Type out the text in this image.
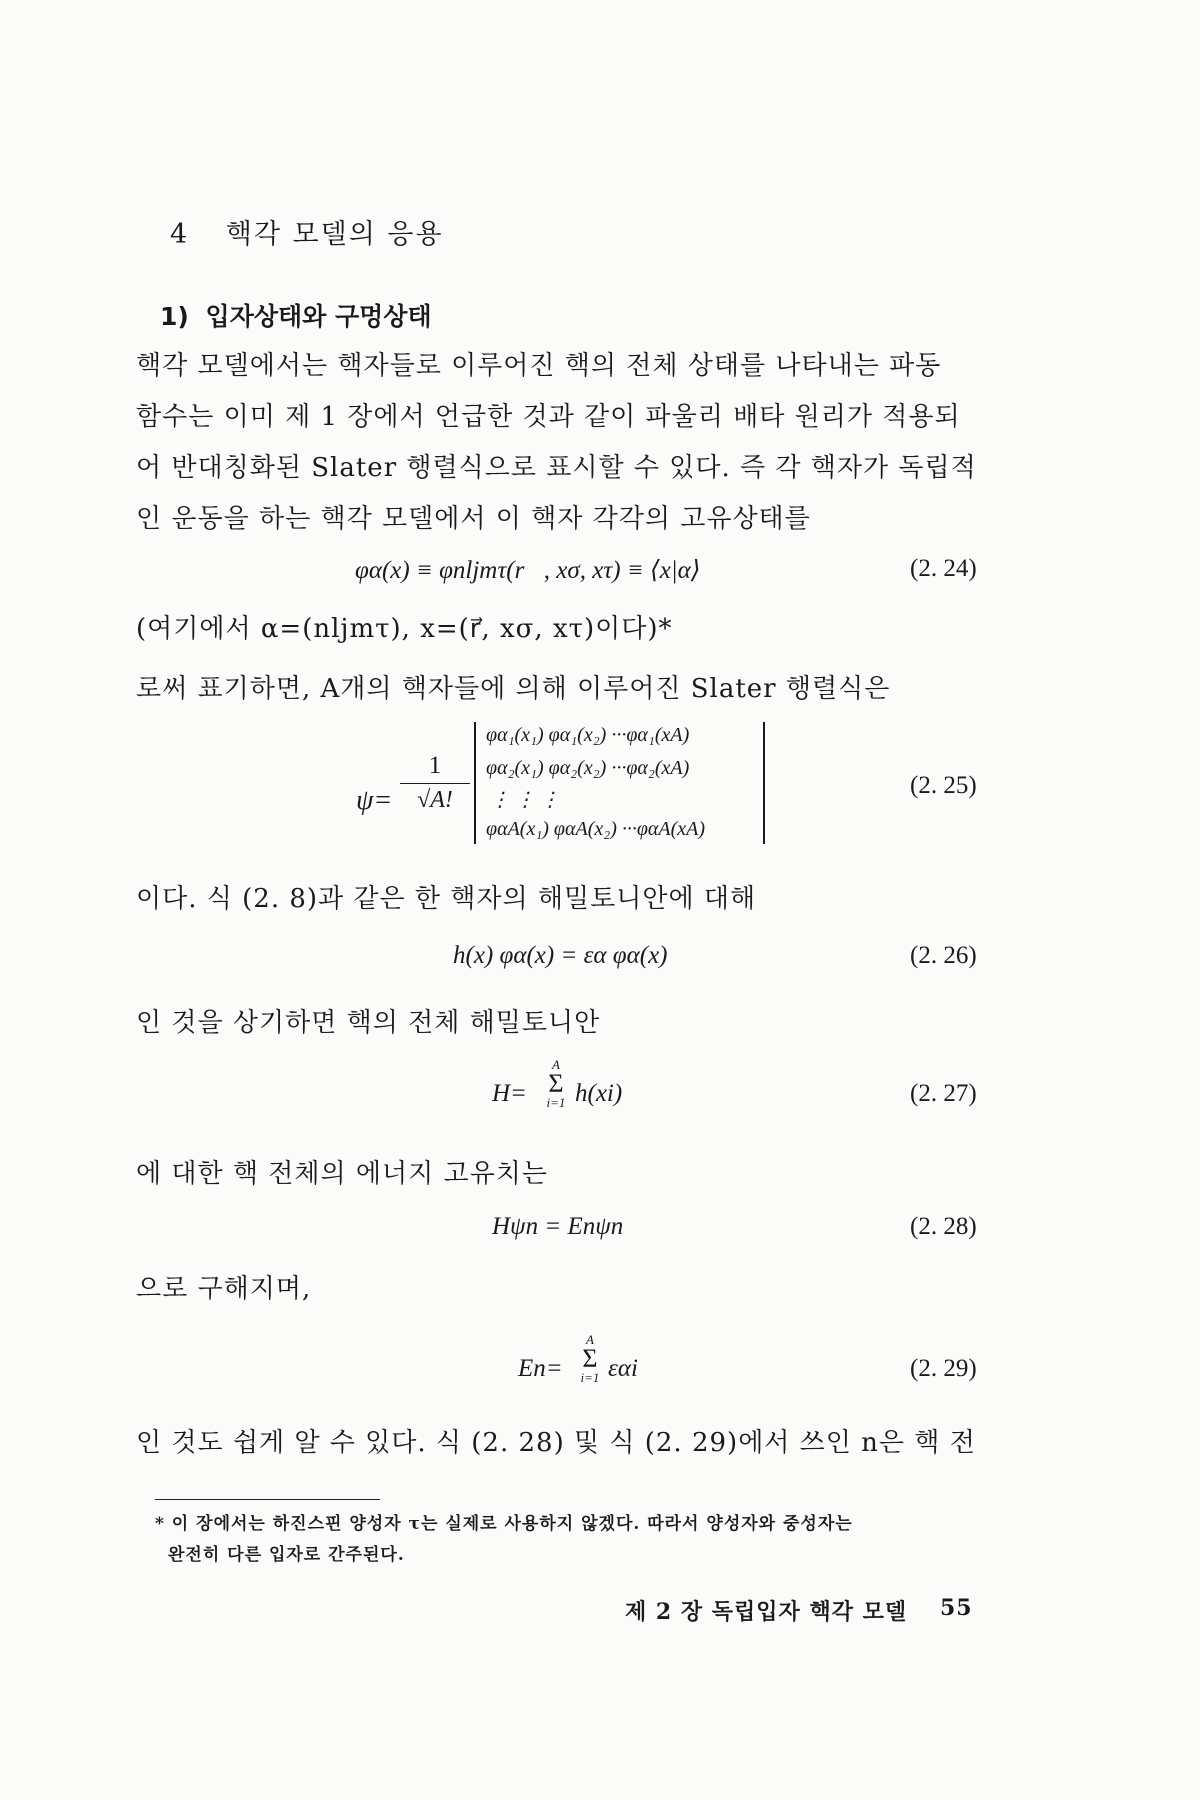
4 핵각 모델의 응용
1) 입자상태와 구멍상태
핵각 모델에서는 핵자들로 이루어진 핵의 전체 상태를 나타내는 파동
함수는 이미 제 1 장에서 언급한 것과 같이 파울리 배타 원리가 적용되
어 반대칭화된 Slater 행렬식으로 표시할 수 있다. 즉 각 핵자가 독립적
인 운동을 하는 핵각 모델에서 이 핵자 각각의 고유상태를
φα(x) ≡ φnljmτ(r⃗, xσ, xτ) ≡ ⟨x|α⟩	(2. 24)
(여기에서 α=(nljmτ), x=(r⃗, xσ, xτ)이다)*
로써 표기하면, A개의 핵자들에 의해 이루어진 Slater 행렬식은
ψ=
1
√A!
φα₁(x₁) φα₁(x₂) ···φα₁(xA)
φα₂(x₁) φα₂(x₂) ···φα₂(xA)
⋮ ⋮ ⋮
φαA(x₁) φαA(x₂) ···φαA(xA)
(2. 25)
이다. 식 (2. 8)과 같은 한 핵자의 해밀토니안에 대해
h(x) φα(x) = εα φα(x)	(2. 26)
인 것을 상기하면 핵의 전체 해밀토니안
H=
A
Σ
i=1 h(xi)	(2. 27)
에 대한 핵 전체의 에너지 고유치는
Hψn = Enψn	(2. 28)
으로 구해지며,
En=
A
Σ
i=1 εαi	(2. 29)
인 것도 쉽게 알 수 있다. 식 (2. 28) 및 식 (2. 29)에서 쓰인 n은 핵 전
* 이 장에서는 하진스핀 양성자 τ는 실제로 사용하지 않겠다. 따라서 양성자와 중성자는
완전히 다른 입자로 간주된다.
제 2 장 독립입자 핵각 모델 55
